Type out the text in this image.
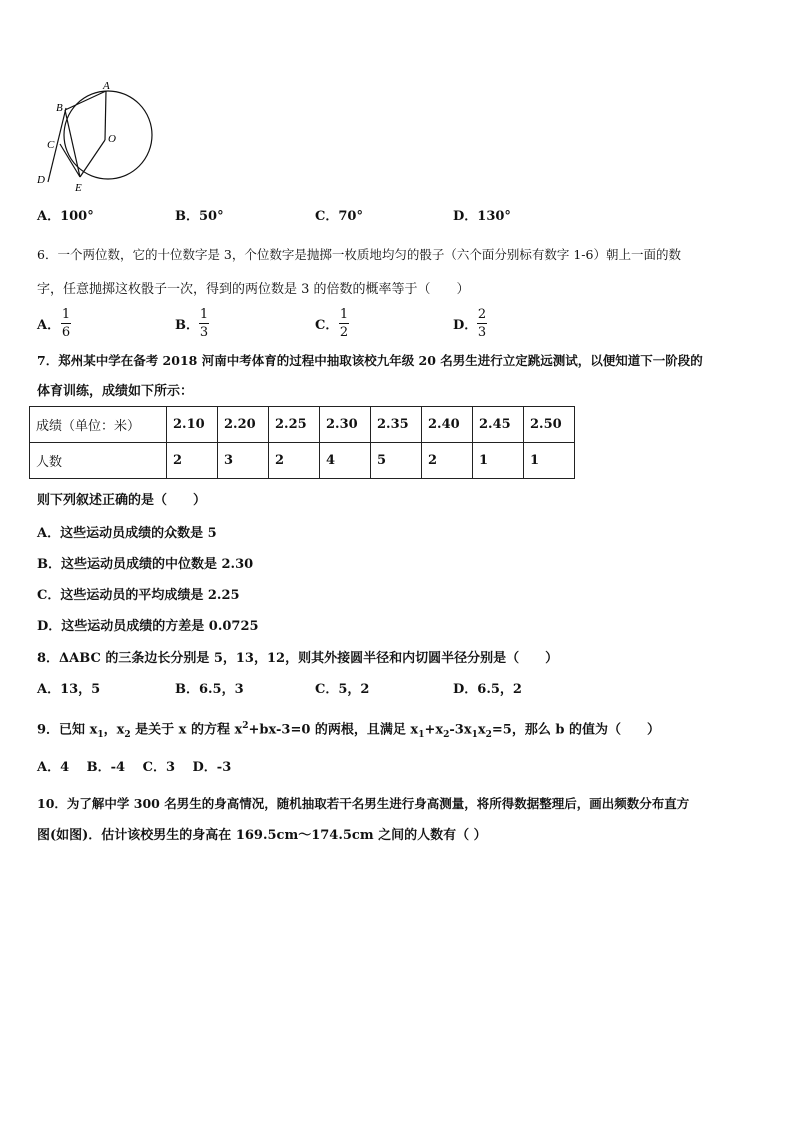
A
B
C
D
E
O
A．100°	B．50°	C．70°	D．130°
6．一个两位数，它的十位数字是 3，个位数字是抛掷一枚质地均匀的骰子（六个面分别标有数字 1-6）朝上一面的数
字，任意抛掷这枚骰子一次，得到的两位数是 3 的倍数的概率等于（　　）
A．
1
6	B．
1
3	C．
1
2	D．
2
3
7．郑州某中学在备考 2018 河南中考体育的过程中抽取该校九年级 20 名男生进行立定跳远测试，以便知道下一阶段的
体育训练，成绩如下所示：
成绩（单位：米）	2.10	2.20	2.25	2.30	2.35	2.40	2.45	2.50
人数	2	3	2	4	5	2	1	1
则下列叙述正确的是（　　）
A．这些运动员成绩的众数是 5
B．这些运动员成绩的中位数是 2.30
C．这些运动员的平均成绩是 2.25
D．这些运动员成绩的方差是 0.0725
8．ΔABC 的三条边长分别是 5，13，12，则其外接圆半径和内切圆半径分别是（　　）
A．13，5	B．6.5，3	C．5，2	D．6.5，2
9．已知 $x_1$，$x_2$ 是关于 x 的方程 $x^2+bx-3=0$ 的两根，且满足 $x_1+x_2-3x_1x_2=5$，那么 b 的值为（　　）
A．4　 B．-4　 C．3　 D．-3
10．为了解中学 300 名男生的身高情况，随机抽取若干名男生进行身高测量，将所得数据整理后，画出频数分布直方
图(如图)．估计该校男生的身高在 169.5cm～174.5cm 之间的人数有（ ）
